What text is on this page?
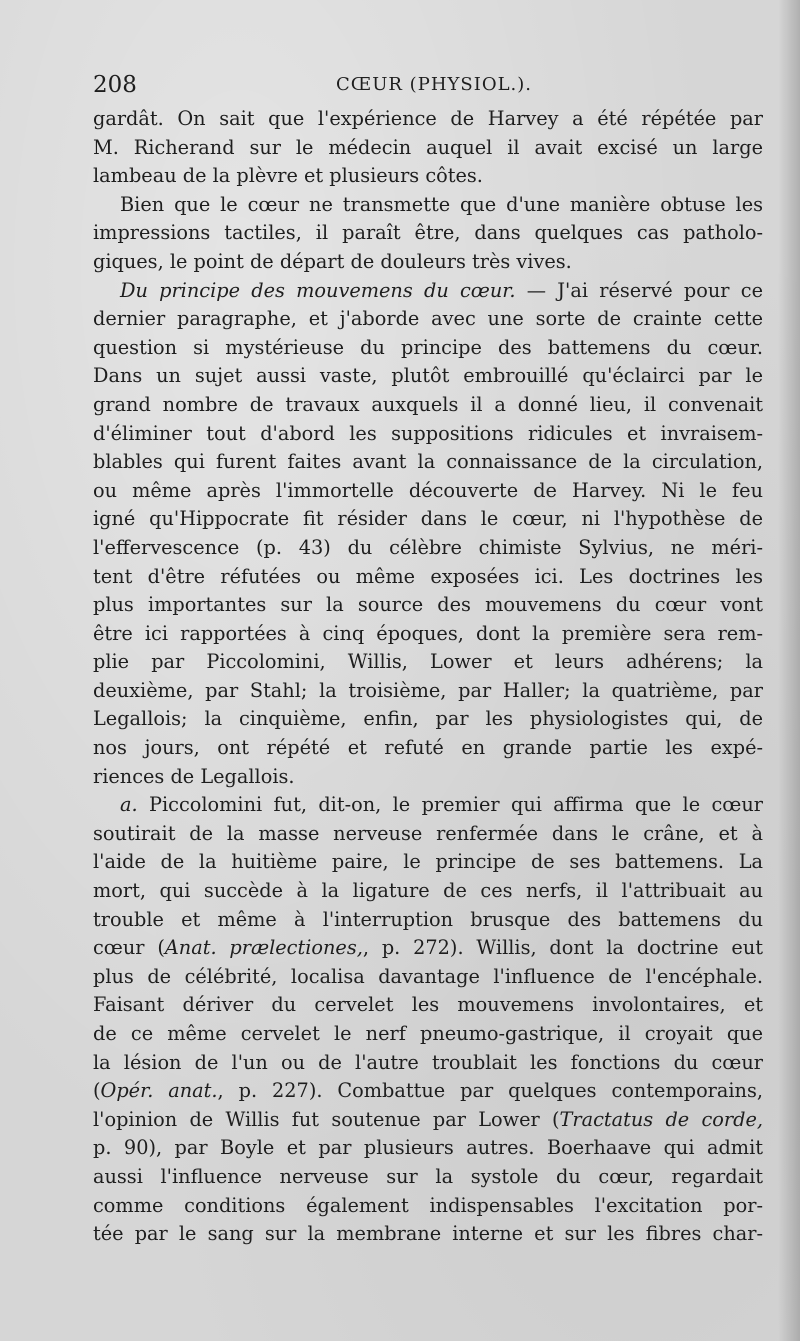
208	CŒUR (PHYSIOL.).
gardât. On sait que l'expérience de Harvey a été répétée par
M. Richerand sur le médecin auquel il avait excisé un large
lambeau de la plèvre et plusieurs côtes.
Bien que le cœur ne transmette que d'une manière obtuse les
impressions tactiles, il paraît être, dans quelques cas patholo-
giques, le point de départ de douleurs très vives.
Du principe des mouvemens du cœur. — J'ai réservé pour ce
dernier paragraphe, et j'aborde avec une sorte de crainte cette
question si mystérieuse du principe des battemens du cœur.
Dans un sujet aussi vaste, plutôt embrouillé qu'éclairci par le
grand nombre de travaux auxquels il a donné lieu, il convenait
d'éliminer tout d'abord les suppositions ridicules et invraisem-
blables qui furent faites avant la connaissance de la circulation,
ou même après l'immortelle découverte de Harvey. Ni le feu
igné qu'Hippocrate fit résider dans le cœur, ni l'hypothèse de
l'effervescence (p. 43) du célèbre chimiste Sylvius, ne méri-
tent d'être réfutées ou même exposées ici. Les doctrines les
plus importantes sur la source des mouvemens du cœur vont
être ici rapportées à cinq époques, dont la première sera rem-
plie par Piccolomini, Willis, Lower et leurs adhérens; la
deuxième, par Stahl; la troisième, par Haller; la quatrième, par
Legallois; la cinquième, enfin, par les physiologistes qui, de
nos jours, ont répété et refuté en grande partie les expé-
riences de Legallois.
a. Piccolomini fut, dit-on, le premier qui affirma que le cœur
soutirait de la masse nerveuse renfermée dans le crâne, et à
l'aide de la huitième paire, le principe de ses battemens. La
mort, qui succède à la ligature de ces nerfs, il l'attribuait au
trouble et même à l'interruption brusque des battemens du
cœur (Anat. prælectiones,, p. 272). Willis, dont la doctrine eut
plus de célébrité, localisa davantage l'influence de l'encéphale.
Faisant dériver du cervelet les mouvemens involontaires, et
de ce même cervelet le nerf pneumo-gastrique, il croyait que
la lésion de l'un ou de l'autre troublait les fonctions du cœur
(Opér. anat., p. 227). Combattue par quelques contemporains,
l'opinion de Willis fut soutenue par Lower (Tractatus de corde,
p. 90), par Boyle et par plusieurs autres. Boerhaave qui admit
aussi l'influence nerveuse sur la systole du cœur, regardait
comme conditions également indispensables l'excitation por-
tée par le sang sur la membrane interne et sur les fibres char-
